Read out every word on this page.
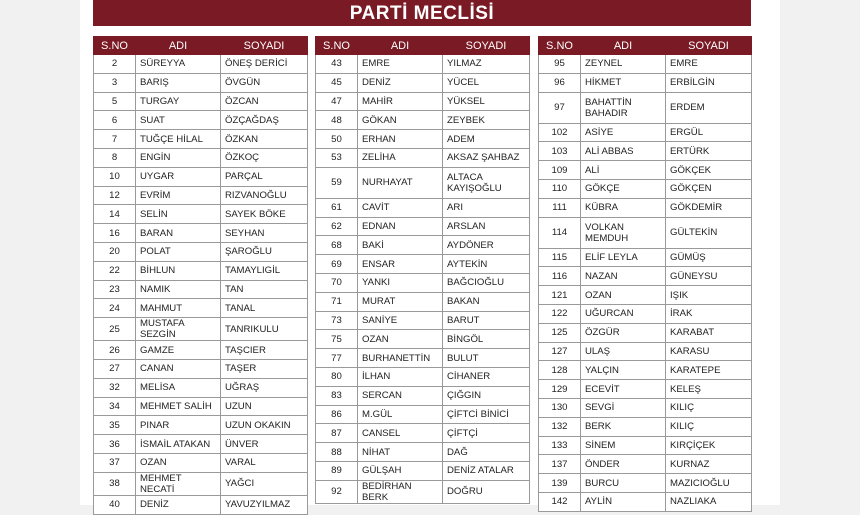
PARTİ MECLİSİ
S.NO	ADI	SOYADI
2	SÜREYYA	ÖNEŞ DERİCİ
3	BARIŞ	ÖVGÜN
5	TURGAY	ÖZCAN
6	SUAT	ÖZÇAĞDAŞ
7	TUĞÇE HİLAL	ÖZKAN
8	ENGİN	ÖZKOÇ
10	UYGAR	PARÇAL
12	EVRİM	RIZVANOĞLU
14	SELİN	SAYEK BÖKE
16	BARAN	SEYHAN
20	POLAT	ŞAROĞLU
22	BİHLUN	TAMAYLIGİL
23	NAMIK	TAN
24	MAHMUT	TANAL
25	MUSTAFA SEZGİN	TANRIKULU
26	GAMZE	TAŞCIER
27	CANAN	TAŞER
32	MELİSA	UĞRAŞ
34	MEHMET SALİH	UZUN
35	PINAR	UZUN OKAKIN
36	İSMAİL ATAKAN	ÜNVER
37	OZAN	VARAL
38	MEHMET NECATİ	YAĞCI
40	DENİZ	YAVUZYILMAZ
S.NO	ADI	SOYADI
43	EMRE	YILMAZ
45	DENİZ	YÜCEL
47	MAHİR	YÜKSEL
48	GÖKAN	ZEYBEK
50	ERHAN	ADEM
53	ZELİHA	AKSAZ ŞAHBAZ
59	NURHAYAT	ALTACA KAYIŞOĞLU
61	CAVİT	ARI
62	EDNAN	ARSLAN
68	BAKİ	AYDÖNER
69	ENSAR	AYTEKİN
70	YANKI	BAĞCIOĞLU
71	MURAT	BAKAN
73	SANİYE	BARUT
75	OZAN	BİNGÖL
77	BURHANETTİN	BULUT
80	İLHAN	CİHANER
83	SERCAN	ÇIĞGIN
86	M.GÜL	ÇİFTCİ BİNİCİ
87	CANSEL	ÇİFTÇİ
88	NİHAT	DAĞ
89	GÜLŞAH	DENİZ ATALAR
92	BEDİRHAN BERK	DOĞRU
S.NO	ADI	SOYADI
95	ZEYNEL	EMRE
96	HİKMET	ERBİLGİN
97	BAHATTİN BAHADIR	ERDEM
102	ASİYE	ERGÜL
103	ALİ ABBAS	ERTÜRK
109	ALİ	GÖKÇEK
110	GÖKÇE	GÖKÇEN
111	KÜBRA	GÖKDEMİR
114	VOLKAN MEMDUH	GÜLTEKİN
115	ELİF LEYLA	GÜMÜŞ
116	NAZAN	GÜNEYSU
121	OZAN	IŞIK
122	UĞURCAN	İRAK
125	ÖZGÜR	KARABAT
127	ULAŞ	KARASU
128	YALÇIN	KARATEPE
129	ECEVİT	KELEŞ
130	SEVGİ	KILIÇ
132	BERK	KILIÇ
133	SİNEM	KIRÇİÇEK
137	ÖNDER	KURNAZ
139	BURCU	MAZICIOĞLU
142	AYLİN	NAZLIAKA
